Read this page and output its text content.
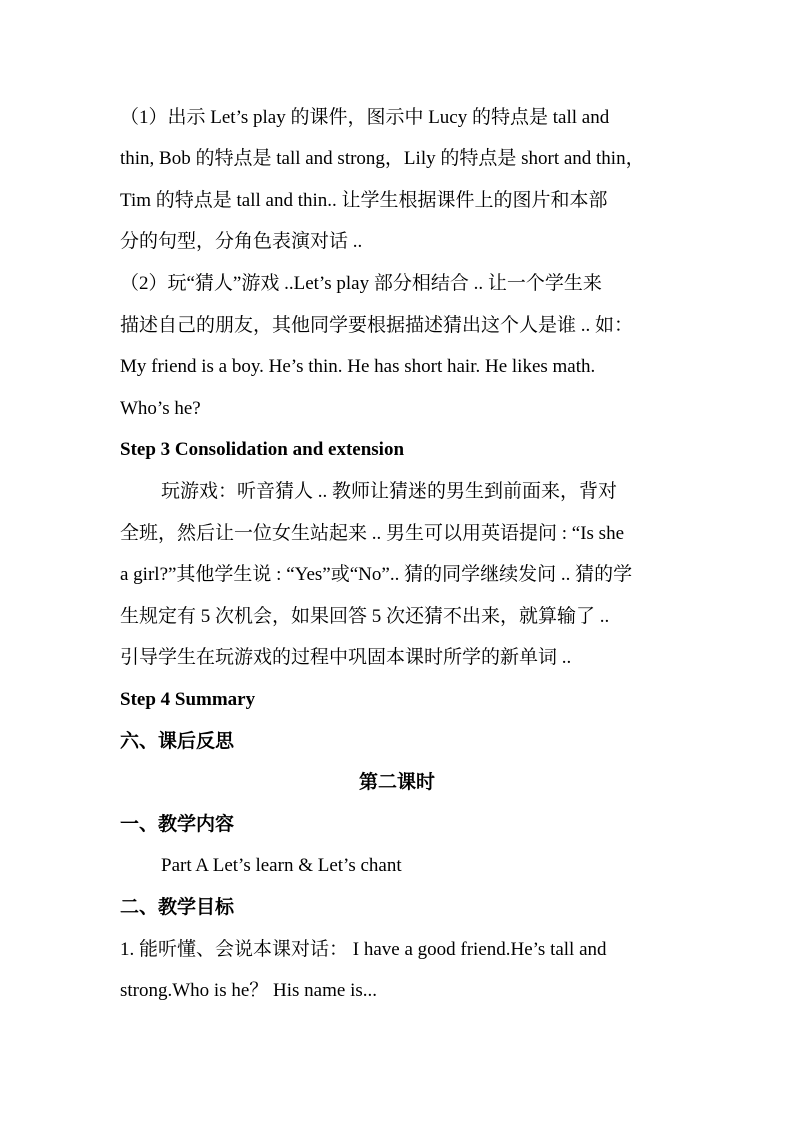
（1）出示 Let’s play 的课件，图示中 Lucy 的特点是 tall and
thin, Bob 的特点是 tall and strong，Lily 的特点是 short and thin，
Tim 的特点是 tall and thin.. 让学生根据课件上的图片和本部
分的句型，分角色表演对话 ..
（2）玩“猜人”游戏 ..Let’s play 部分相结合 .. 让一个学生来
描述自己的朋友，其他同学要根据描述猜出这个人是谁 .. 如：
My friend is a boy. He’s thin. He has short hair. He likes math.
Who’s he?
Step 3 Consolidation and extension
玩游戏：听音猜人 .. 教师让猜迷的男生到前面来，背对
全班，然后让一位女生站起来 .. 男生可以用英语提问 : “Is she
a girl?”其他学生说 : “Yes”或“No”.. 猜的同学继续发问 .. 猜的学
生规定有 5 次机会，如果回答 5 次还猜不出来，就算输了 ..
引导学生在玩游戏的过程中巩固本课时所学的新单词 ..
Step 4 Summary
六、课后反思
第二课时
一、教学内容
Part A Let’s learn & Let’s chant
二、教学目标
1. 能听懂、会说本课对话： I have a good friend.He’s tall and
strong.Who is he？ His name is...
